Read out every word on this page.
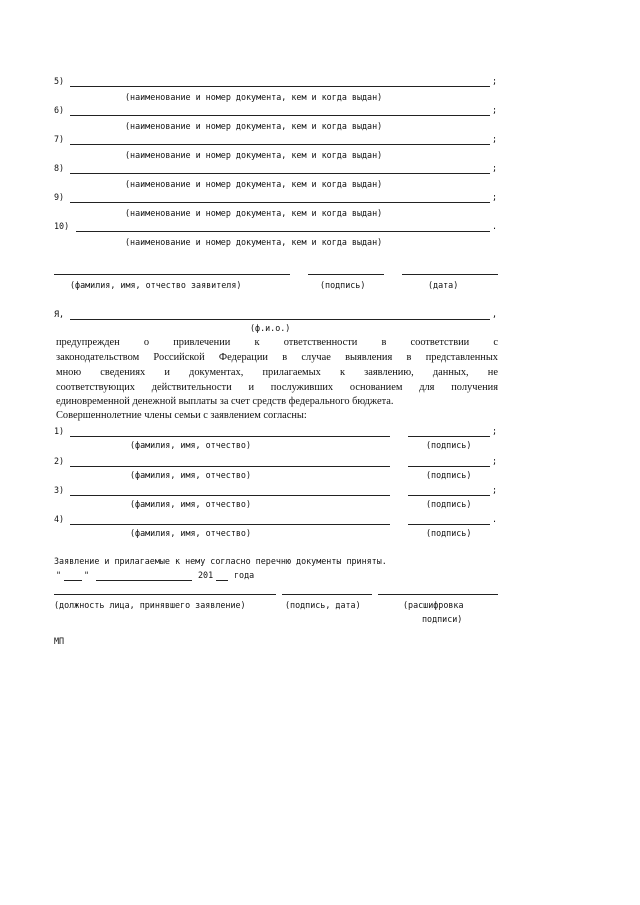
5)	;
(наименование и номер документа, кем и когда выдан)
6)	;
(наименование и номер документа, кем и когда выдан)
7)	;
(наименование и номер документа, кем и когда выдан)
8)	;
(наименование и номер документа, кем и когда выдан)
9)	;
(наименование и номер документа, кем и когда выдан)
10)	.
(наименование и номер документа, кем и когда выдан)
(фамилия, имя, отчество заявителя)	(подпись)	(дата)
Я,	,
(ф.и.о.)
предупрежден о привлечении к ответственности в соответствии с
законодательством Российской Федерации в случае выявления в представленных
мною сведениях и документах, прилагаемых к заявлению, данных, не
соответствующих действительности и послуживших основанием для получения
единовременной денежной выплаты за счет средств федерального бюджета.
Совершеннолетние члены семьи с заявлением согласны:
1)	;
(фамилия, имя, отчество)	(подпись)
2)	;
(фамилия, имя, отчество)	(подпись)
3)	;
(фамилия, имя, отчество)	(подпись)
4)	.
(фамилия, имя, отчество)	(подпись)
Заявление и прилагаемые к нему согласно перечню документы приняты.
"	"	201 года
(должность лица, принявшего заявление)	(подпись, дата)	(расшифровка
подписи)
МП
